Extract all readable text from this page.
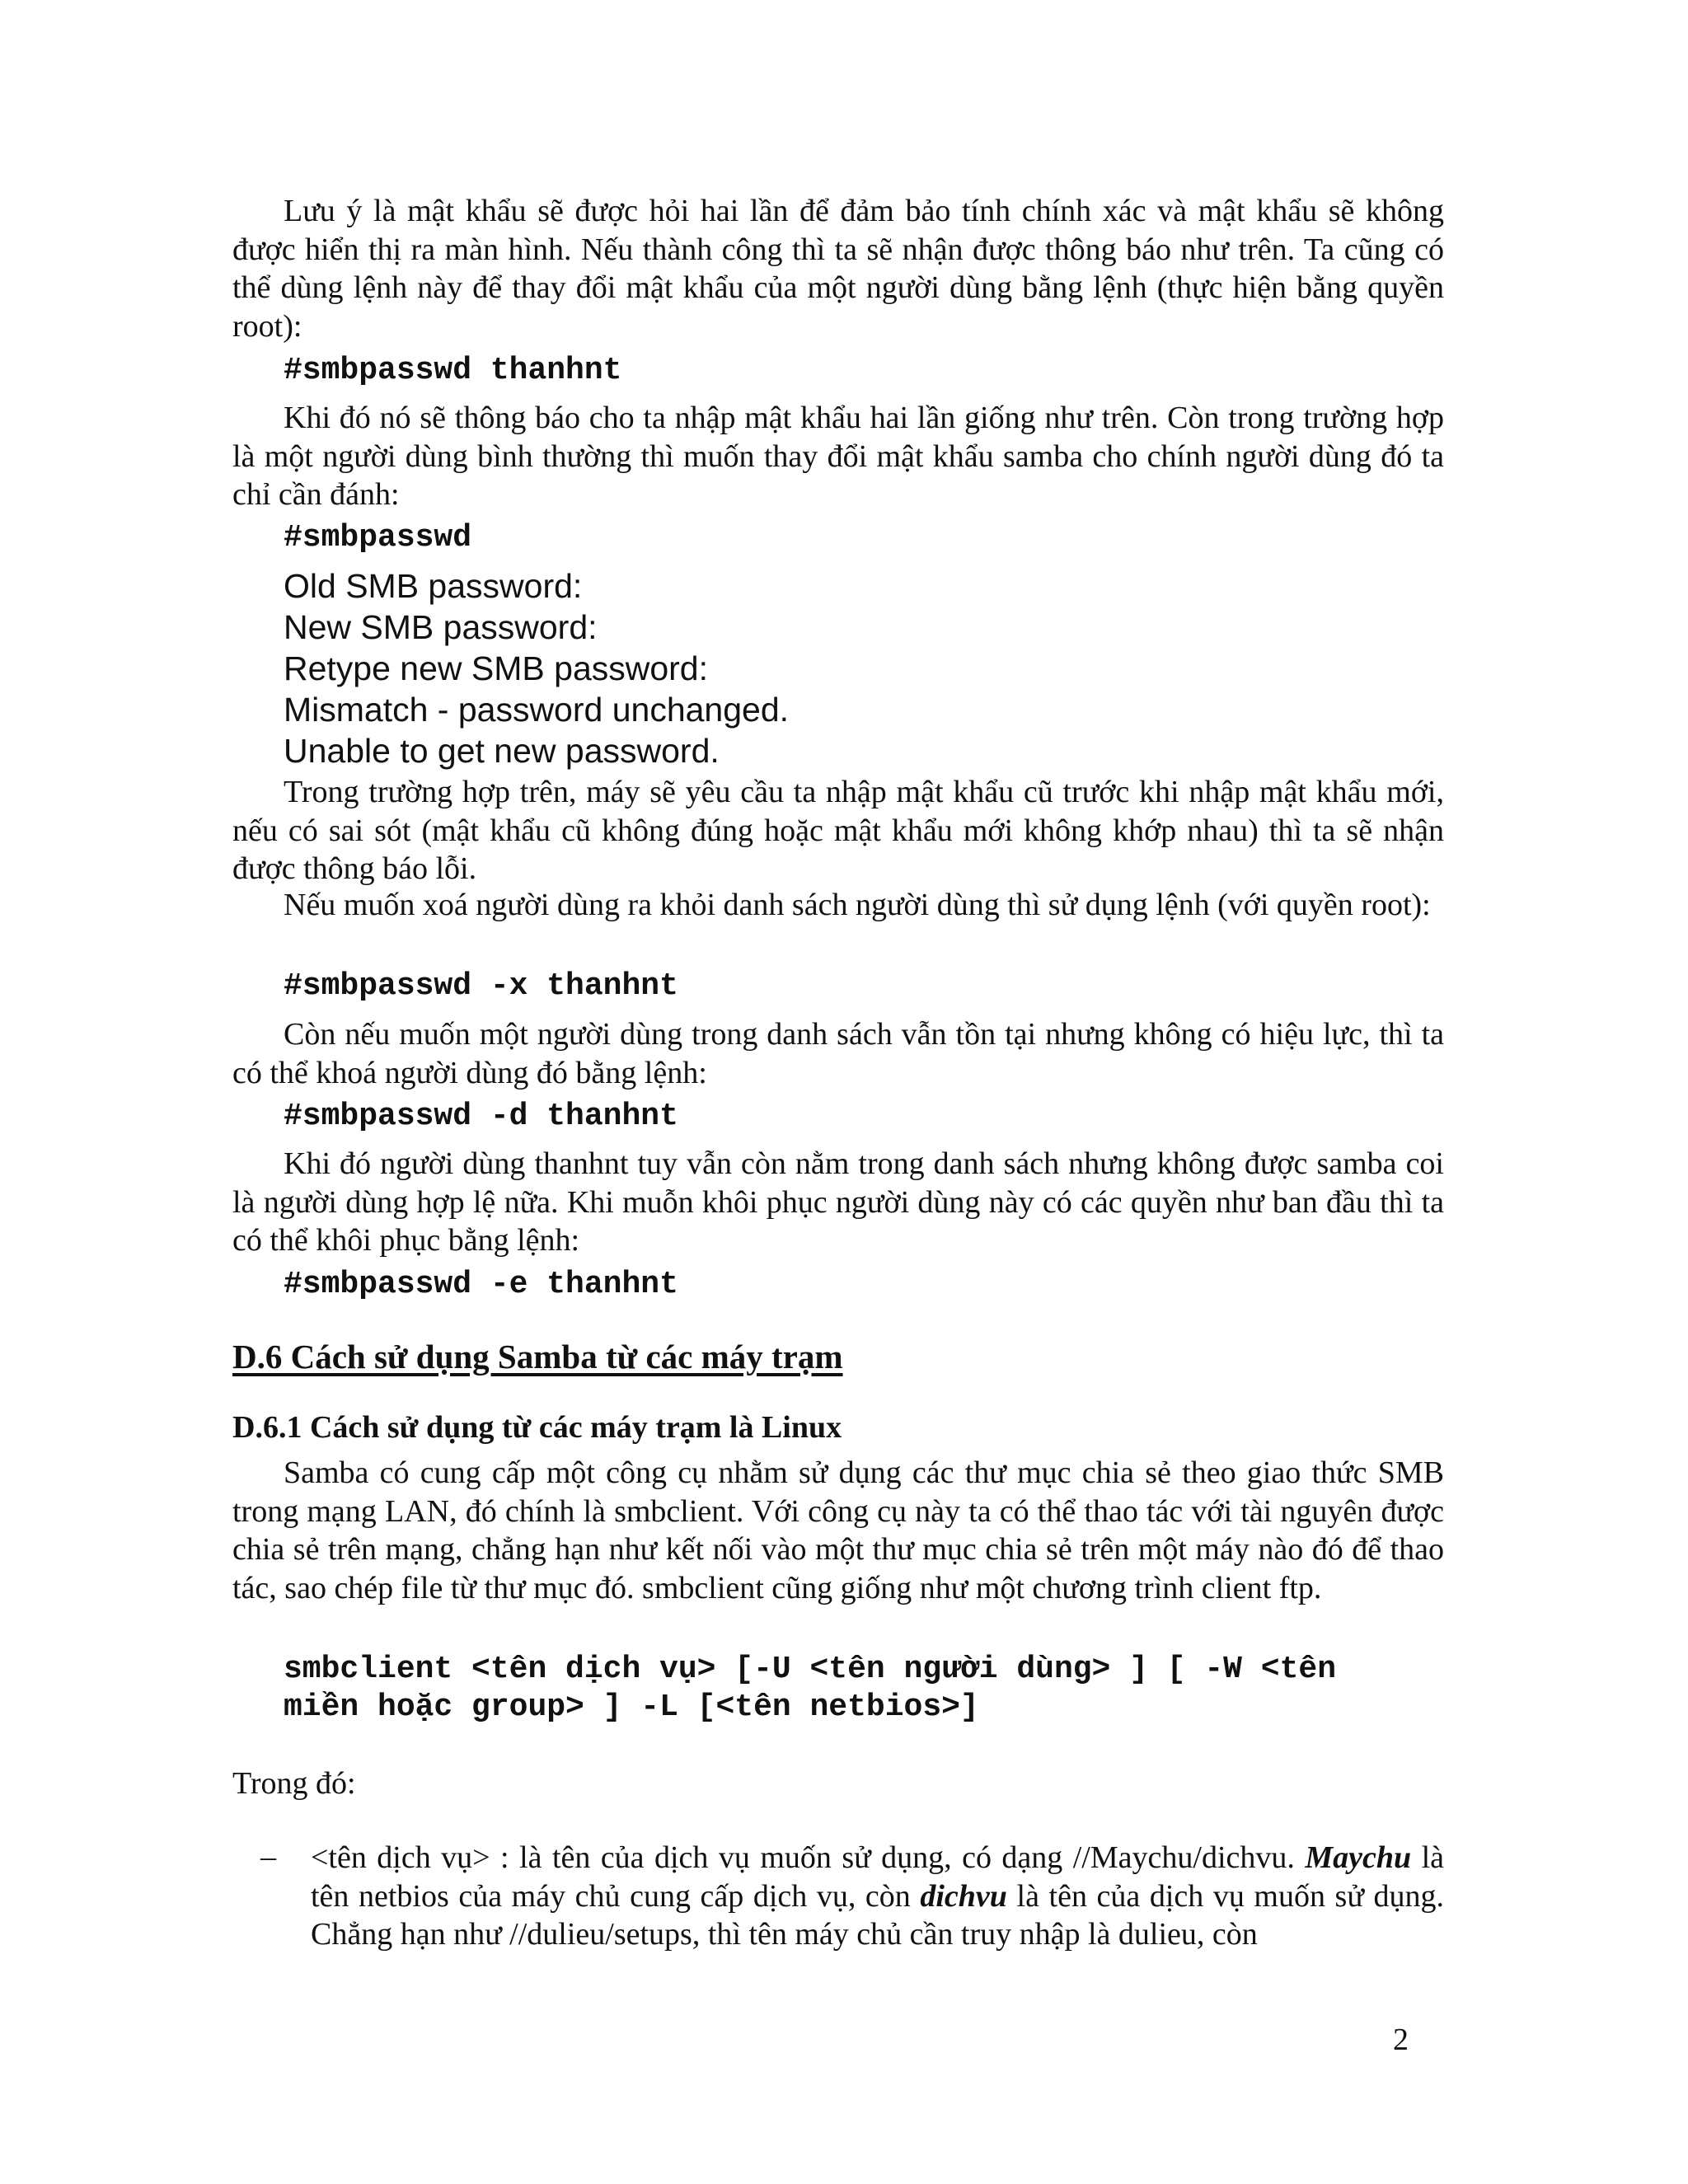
Lưu ý là mật khẩu sẽ được hỏi hai lần để đảm bảo tính chính xác và mật khẩu sẽ không được hiển thị ra màn hình. Nếu thành công thì ta sẽ nhận được thông báo như trên. Ta cũng có thể dùng lệnh này để thay đổi mật khẩu của một người dùng bằng lệnh (thực hiện bằng quyền root):

#smbpasswd thanhnt

Khi đó nó sẽ thông báo cho ta nhập mật khẩu hai lần giống như trên. Còn trong trường hợp là một người dùng bình thường thì muốn thay đổi mật khẩu samba cho chính người dùng đó ta chỉ cần đánh:

#smbpasswd
Old SMB password:
New SMB password:
Retype new SMB password:
Mismatch - password unchanged.
Unable to get new password.

Trong trường hợp trên, máy sẽ yêu cầu ta nhập mật khẩu cũ trước khi nhập mật khẩu mới, nếu có sai sót (mật khẩu cũ không đúng hoặc mật khẩu mới không khớp nhau) thì ta sẽ nhận được thông báo lỗi.

Nếu muốn xoá người dùng ra khỏi danh sách người dùng thì sử dụng lệnh (với quyền root):

#smbpasswd -x thanhnt

Còn nếu muốn một người dùng trong danh sách vẫn tồn tại nhưng không có hiệu lực, thì ta có thể khoá người dùng đó bằng lệnh:

#smbpasswd -d thanhnt

Khi đó người dùng thanhnt tuy vẫn còn nằm trong danh sách nhưng không được samba coi là người dùng hợp lệ nữa. Khi muỗn khôi phục người dùng này có các quyền như ban đầu thì ta có thể khôi phục bằng lệnh:

#smbpasswd -e thanhnt
D.6 Cách sử dụng Samba từ các máy trạm
D.6.1 Cách sử dụng từ các máy trạm là Linux

Samba có cung cấp một công cụ nhằm sử dụng các thư mục chia sẻ theo giao thức SMB trong mạng LAN, đó chính là smbclient. Với công cụ này ta có thể thao tác với tài nguyên được chia sẻ trên mạng, chẳng hạn như kết nối vào một thư mục chia sẻ trên một máy nào đó để thao tác, sao chép file từ thư mục đó. smbclient cũng giống như một chương trình client ftp.

smbclient <tên dịch vụ> [-U <tên người dùng> ] [ -W <tên
miền hoặc group> ] -L [<tên netbios>]
Trong đó:
– <tên dịch vụ> : là tên của dịch vụ muốn sử dụng, có dạng //Maychu/dichvu. Maychu là tên netbios của máy chủ cung cấp dịch vụ, còn dichvu là tên của dịch vụ muốn sử dụng. Chẳng hạn như //dulieu/setups, thì tên máy chủ cần truy nhập là dulieu, còn
2
